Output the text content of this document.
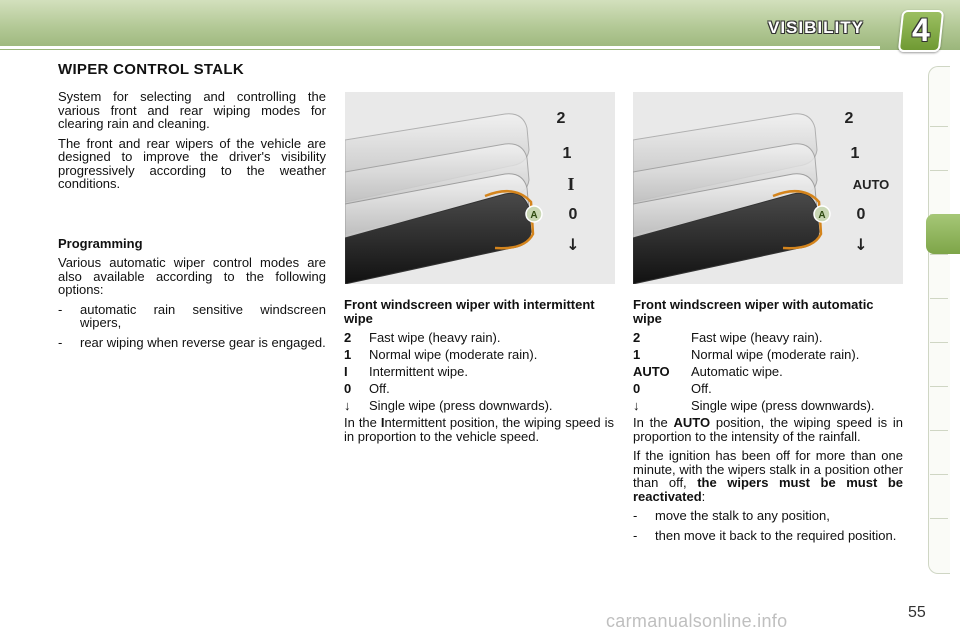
VISIBILITY 4
WIPER CONTROL STALK

System for selecting and controlling the various front and rear wiping modes for clearing rain and cleaning.

The front and rear wipers of the vehicle are designed to improve the driver's visibility progressively according to the weather conditions.

Programming

Various automatic wiper control modes are also available according to the following options:

- automatic rain sensitive windscreen wipers,
- rear wiping when reverse gear is engaged.
A
2
1
I
0
↓
A
2
1
AUTO
0
↓
Front windscreen wiper with intermittent wipe
2	Fast wipe (heavy rain).
1	Normal wipe (moderate rain).
I	Intermittent wipe.
0	Off.
↓	Single wipe (press downwards).

In the Intermittent position, the wiping speed is in proportion to the vehicle speed.

Front windscreen wiper with automatic wipe
2	Fast wipe (heavy rain).
1	Normal wipe (moderate rain).
AUTO	Automatic wipe.
0	Off.
↓	Single wipe (press downwards).

In the AUTO position, the wiping speed is in proportion to the intensity of the rainfall.

If the ignition has been off for more than one minute, with the wipers stalk in a position other than off, the wipers must be must be reactivated:

- move the stalk to any position,
- then move it back to the required position.
carmanualsonline.info	55
